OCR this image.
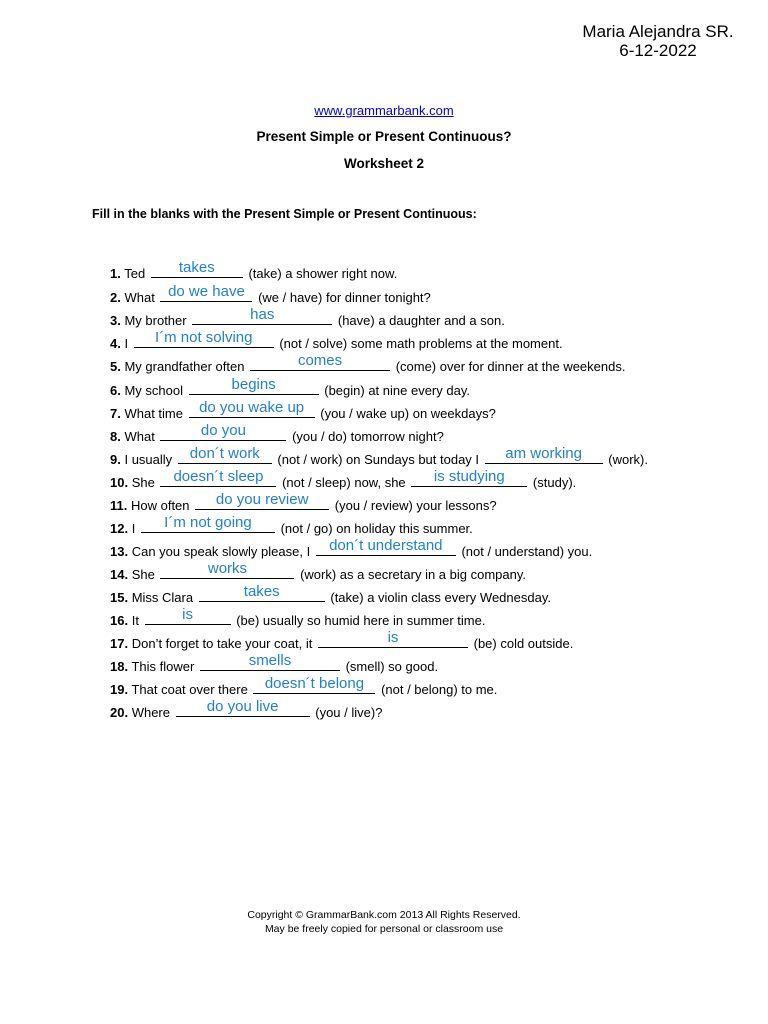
Maria Alejandra SR.
6-12-2022
www.grammarbank.com
Present Simple or Present Continuous?
Worksheet 2
Fill in the blanks with the Present Simple or Present Continuous:
1. Ted	takes	(take) a shower right now.
2. What do we have	(we / have) for dinner tonight?
3. My brother	has	(have) a daughter and a son.
4. I	I´m not solving	(not / solve) some math problems at the moment.
5. My grandfather often	comes	(come) over for dinner at the weekends.
6. My school	begins	(begin) at nine every day.
7. What time	do you wake up	(you / wake up) on weekdays?
8. What	do you	(you / do) tomorrow night?
9. I usually	don´t work	(not / work) on Sundays but today I	am working	(work).
10. She	doesn´t sleep	(not / sleep) now, she	is studying	(study).
11. How often	do you review	(you / review) your lessons?
12. I	I´m not going	(not / go) on holiday this summer.
13. Can you speak slowly please, I	don´t understand	(not / understand) you.
14. She	works	(work) as a secretary in a big company.
15. Miss Clara	takes	(take) a violin class every Wednesday.
16. It	is	(be) usually so humid here in summer time.
17. Don’t forget to take your coat, it	is	(be) cold outside.
18. This flower	smells	(smell) so good.
19. That coat over there	doesn´t belong	(not / belong) to me.
20. Where	do you live	(you / live)?
Copyright © GrammarBank.com 2013 All Rights Reserved.
May be freely copied for personal or classroom use
